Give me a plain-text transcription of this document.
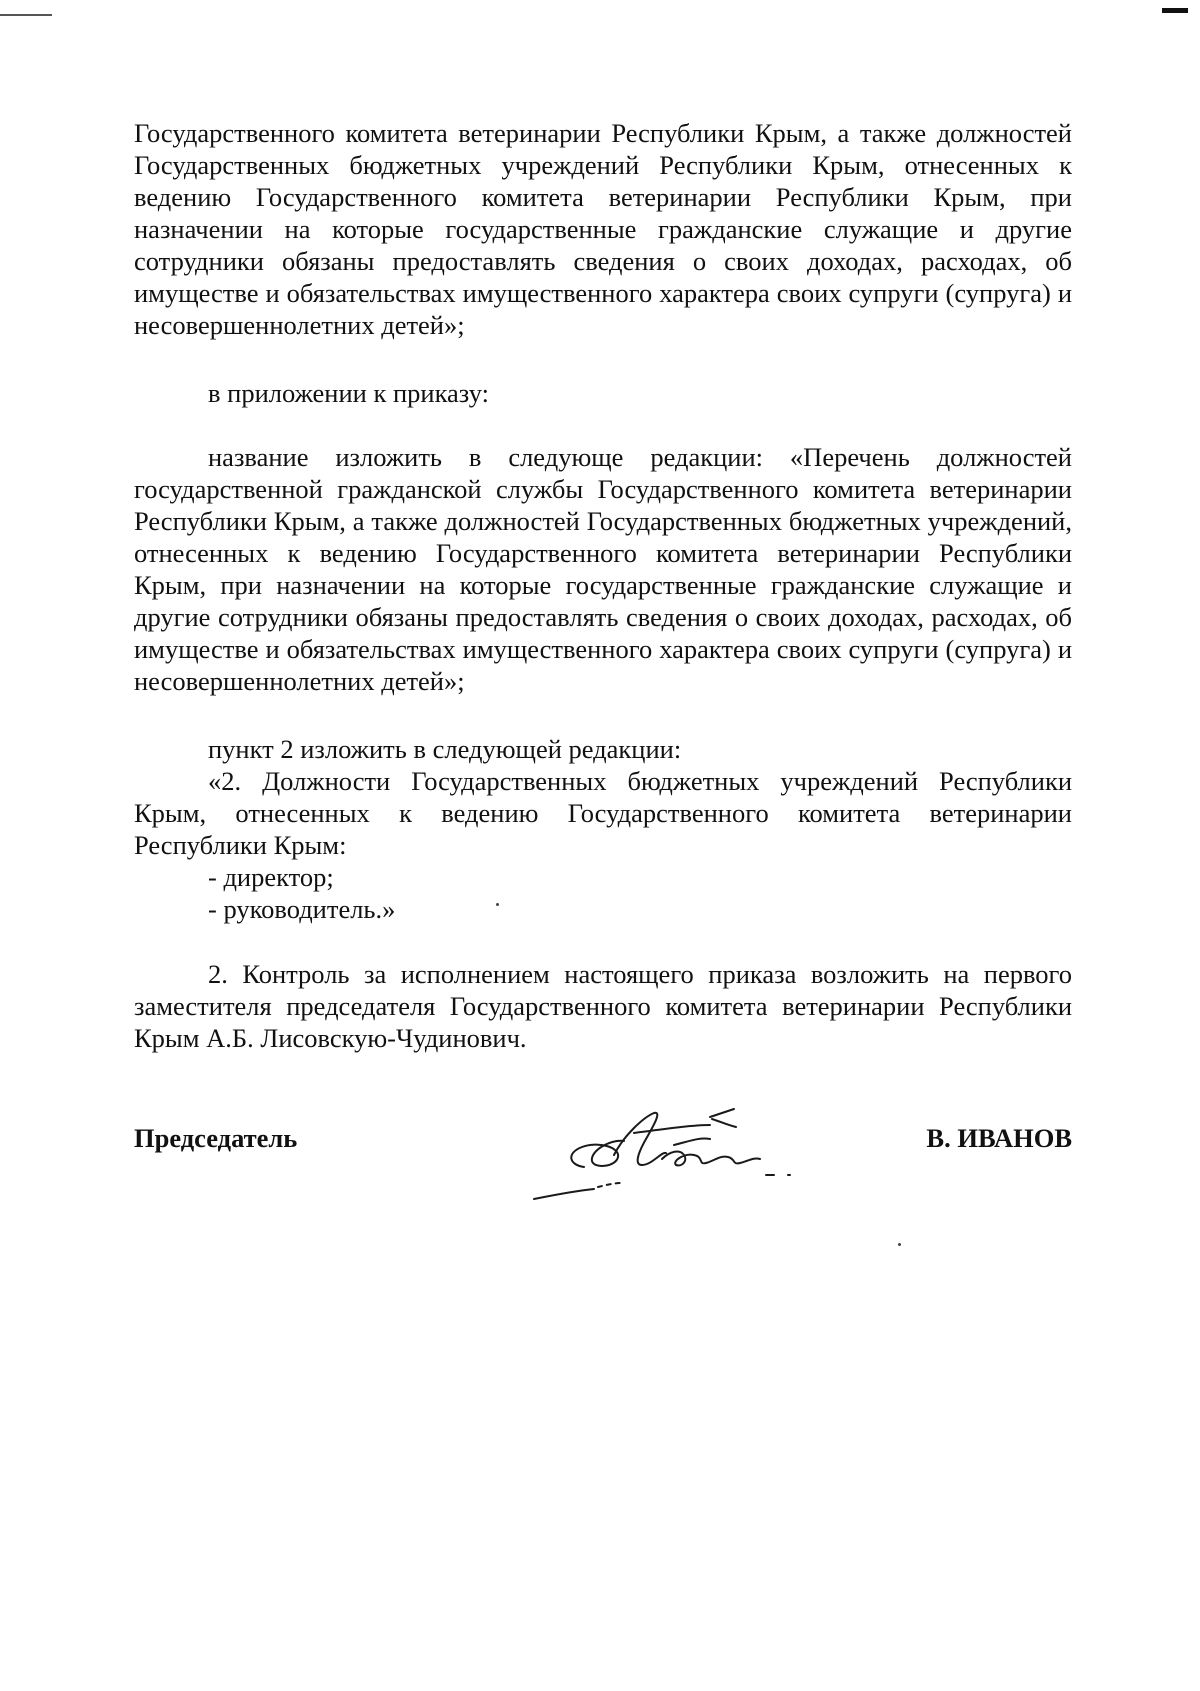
Государственного комитета ветеринарии Республики Крым, а также должностей Государственных бюджетных учреждений Республики Крым, отнесенных к ведению Государственного комитета ветеринарии Республики Крым, при назначении на которые государственные гражданские служащие и другие сотрудники обязаны предоставлять сведения о своих доходах, расходах, об имуществе и обязательствах имущественного характера своих супруги (супруга) и несовершеннолетних детей»;

в приложении к приказу:

название изложить в следующе редакции: «Перечень должностей государственной гражданской службы Государственного комитета ветеринарии Республики Крым, а также должностей Государственных бюджетных учреждений, отнесенных к ведению Государственного комитета ветеринарии Республики Крым, при назначении на которые государственные гражданские служащие и другие сотрудники обязаны предоставлять сведения о своих доходах, расходах, об имуществе и обязательствах имущественного характера своих супруги (супруга) и несовершеннолетних детей»;

пункт 2 изложить в следующей редакции:

«2. Должности Государственных бюджетных учреждений Республики Крым, отнесенных к ведению Государственного комитета ветеринарии Республики Крым:

- директор;

- руководитель.»

2. Контроль за исполнением настоящего приказа возложить на первого заместителя председателя Государственного комитета ветеринарии Республики Крым А.Б. Лисовскую-Чудинович.

Председатель	В. ИВАНОВ
